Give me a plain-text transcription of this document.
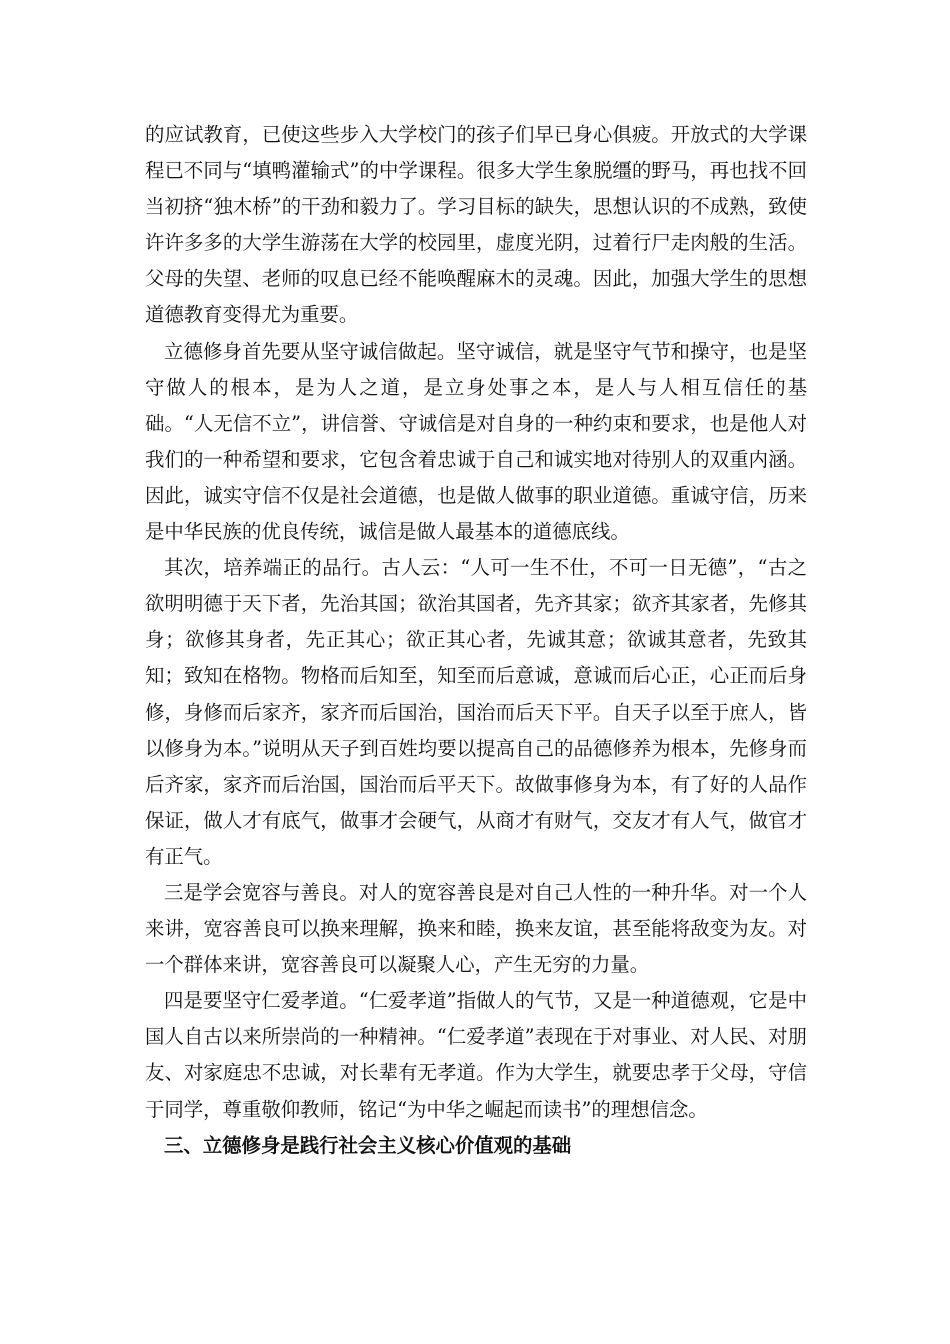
的应试教育，已使这些步入大学校门的孩子们早已身心俱疲。开放式的大学课程已不同与“填鸭灌输式”的中学课程。很多大学生象脱缰的野马，再也找不回当初挤“独木桥”的干劲和毅力了。学习目标的缺失，思想认识的不成熟，致使许许多多的大学生游荡在大学的校园里，虚度光阴，过着行尸走肉般的生活。父母的失望、老师的叹息已经不能唤醒麻木的灵魂。因此，加强大学生的思想道德教育变得尤为重要。

立德修身首先要从坚守诚信做起。坚守诚信，就是坚守气节和操守，也是坚守做人的根本，是为人之道，是立身处事之本，是人与人相互信任的基础。“人无信不立”，讲信誉、守诚信是对自身的一种约束和要求，也是他人对我们的一种希望和要求，它包含着忠诚于自己和诚实地对待别人的双重内涵。因此，诚实守信不仅是社会道德，也是做人做事的职业道德。重诚守信，历来是中华民族的优良传统，诚信是做人最基本的道德底线。

其次，培养端正的品行。古人云：“人可一生不仕，不可一日无德”，“古之欲明明德于天下者，先治其国；欲治其国者，先齐其家；欲齐其家者，先修其身；欲修其身者，先正其心；欲正其心者，先诚其意；欲诚其意者，先致其知；致知在格物。物格而后知至，知至而后意诚，意诚而后心正，心正而后身修，身修而后家齐，家齐而后国治，国治而后天下平。自天子以至于庶人，皆以修身为本。”说明从天子到百姓均要以提高自己的品德修养为根本，先修身而后齐家，家齐而后治国，国治而后平天下。故做事修身为本，有了好的人品作保证，做人才有底气，做事才会硬气，从商才有财气，交友才有人气，做官才有正气。

三是学会宽容与善良。对人的宽容善良是对自己人性的一种升华。对一个人来讲，宽容善良可以换来理解，换来和睦，换来友谊，甚至能将敌变为友。对一个群体来讲，宽容善良可以凝聚人心，产生无穷的力量。

四是要坚守仁爱孝道。“仁爱孝道”指做人的气节，又是一种道德观，它是中国人自古以来所崇尚的一种精神。“仁爱孝道”表现在于对事业、对人民、对朋友、对家庭忠不忠诚，对长辈有无孝道。作为大学生，就要忠孝于父母，守信于同学，尊重敬仰教师，铭记“为中华之崛起而读书”的理想信念。

三、立德修身是践行社会主义核心价值观的基础
